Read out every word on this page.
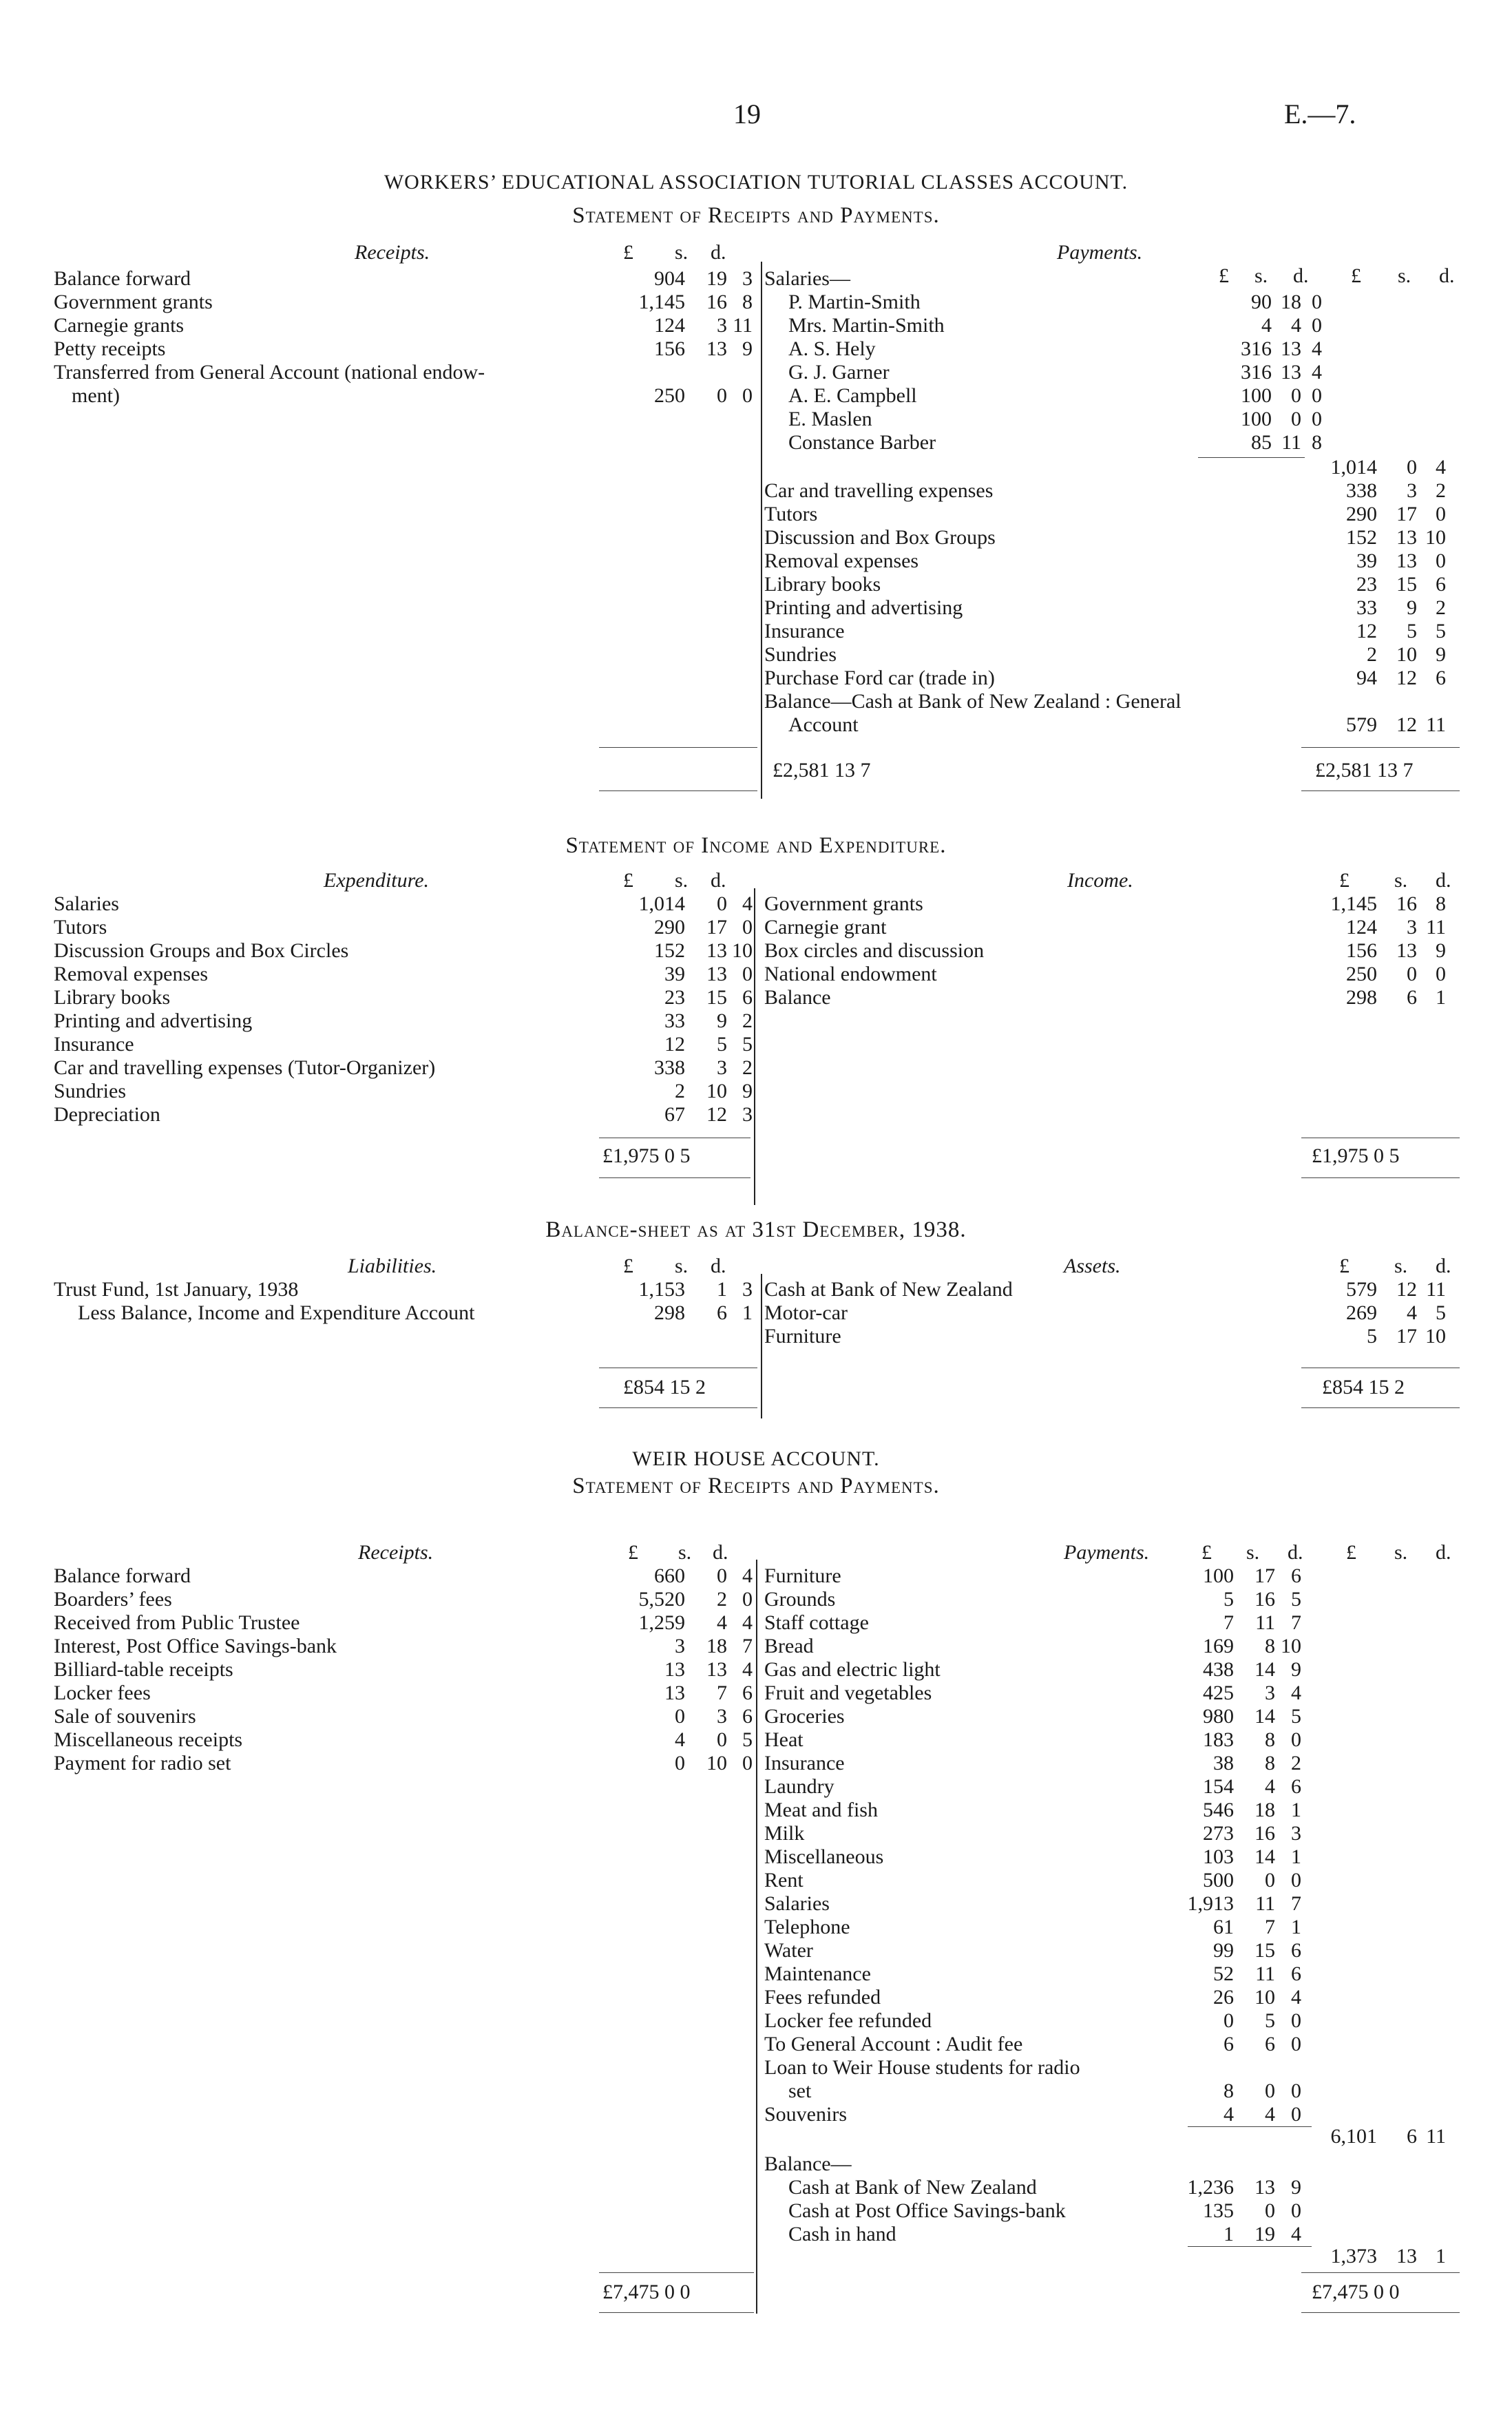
19	E.—7.
WORKERS’ EDUCATIONAL ASSOCIATION TUTORIAL CLASSES ACCOUNT.
Statement of Receipts and Payments.
Receipts.	Payments.
£ s. d.
£ s. d. £ s. d.
Balance forward	904	19 3
Government grants	1,145	16 8
Carnegie grants	124	3 11
Petty receipts	156	13 9
Transferred from General Account (national endow-
ment)	250	0 0
£2,581 13 7
Salaries—
P. Martin-Smith	90 18 0
Mrs. Martin-Smith	4 4 0
A. S. Hely	316 13 4
G. J. Garner	316 13 4
A. E. Campbell	100 0 0
E. Maslen	100 0 0
Constance Barber	85 11 8
1,014	0 4
Car and travelling expenses	338	3 2
Tutors	290 17 0
Discussion and Box Groups	152 13 10
Removal expenses	39 13 0
Library books	23 15 6
Printing and advertising	33	9 2
Insurance	12	5 5
Sundries	2 10 9
Purchase Ford car (trade in)	94 12 6
Balance—Cash at Bank of New Zealand : General
Account	579 12 11
£2,581 13 7
Statement of Income and Expenditure.
Expenditure.	Income.
£ s. d.	£ s. d.
Salaries	1,014	0 4
Tutors	290	17 0
Discussion Groups and Box Circles	152	13 10
Removal expenses	39	13 0
Library books	23	15 6
Printing and advertising	33	9 2
Insurance	12	5 5
Car and travelling expenses (Tutor-Organizer)	338	3 2
Sundries	2	10 9
Depreciation	67	12 3
Government grants	1,145 16 8
Carnegie grant	124	3 11
Box circles and discussion	156 13 9
National endowment	250	0 0
Balance	298	6 1
£1,975 0 5	£1,975 0 5
Balance-sheet as at 31st December, 1938.
Liabilities.	Assets.
£ s. d.	£ s. d.
Trust Fund, 1st January, 1938	1,153	1 3
Less Balance, Income and Expenditure Account	298	6 1
Cash at Bank of New Zealand	579 12 11
Motor-car	269	4 5
Furniture	5 17 10
£854 15 2	£854 15 2
WEIR HOUSE ACCOUNT.
Statement of Receipts and Payments.
Receipts.	Payments.
£ s. d.	£ s. d. £ s. d.
Balance forward	660	0 4
Boarders’ fees	5,520	2 0
Received from Public Trustee	1,259	4 4
Interest, Post Office Savings-bank	3	18 7
Billiard-table receipts	13	13 4
Locker fees	13	7 6
Sale of souvenirs	0	3 6
Miscellaneous receipts	4	0 5
Payment for radio set	0	10 0
Furniture	100	17 6
Grounds	5	16 5
Staff cottage	7	11 7
Bread	169	8 10
Gas and electric light	438	14 9
Fruit and vegetables	425	3 4
Groceries	980	14 5
Heat	183	8 0
Insurance	38	8 2
Laundry	154	4 6
Meat and fish	546	18 1
Milk	273	16 3
Miscellaneous	103	14 1
Rent	500	0 0
Salaries	1,913	11 7
Telephone	61	7 1
Water	99	15 6
Maintenance	52	11 6
Fees refunded	26	10 4
Locker fee refunded	0	5 0
To General Account : Audit fee	6	6 0
Loan to Weir House students for radio
set	8	0 0
Souvenirs	4	4 0
6,101	6 11
Balance—
Cash at Bank of New Zealand	1,236	13 9
Cash at Post Office Savings-bank	135	0 0
Cash in hand	1	19 4
1,373 13 1
£7,475 0 0	£7,475 0 0
